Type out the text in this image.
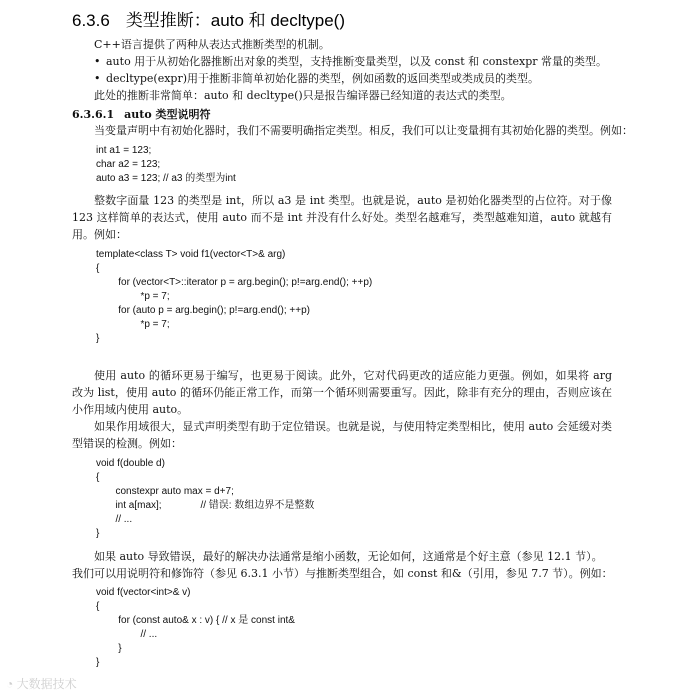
6.3.6 类型推断：auto 和 decltype()
C++语言提供了两种从表达式推断类型的机制。
• auto 用于从初始化器推断出对象的类型，支持推断变量类型，以及 const 和 constexpr 常量的类型。
• decltype(expr)用于推断非简单初始化器的类型，例如函数的返回类型或类成员的类型。
此处的推断非常简单：auto 和 decltype()只是报告编译器已经知道的表达式的类型。
6.3.6.1 auto 类型说明符
当变量声明中有初始化器时，我们不需要明确指定类型。相反，我们可以让变量拥有其初始化器的类型。例如：
int a1 = 123;
char a2 = 123;
auto a3 = 123; // a3 的类型为int
整数字面量 123 的类型是 int，所以 a3 是 int 类型。也就是说，auto 是初始化器类型的占位符。对于像 123 这样简单的表达式，使用 auto 而不是 int 并没有什么好处。类型名越难写，类型越难知道，auto 就越有用。例如：
template<class T> void f1(vector<T>& arg)
{
for (vector<T>::iterator p = arg.begin(); p!=arg.end(); ++p)
*p = 7;
for (auto p = arg.begin(); p!=arg.end(); ++p)
*p = 7;
}
使用 auto 的循环更易于编写，也更易于阅读。此外，它对代码更改的适应能力更强。例如，如果将 arg 改为 list，使用 auto 的循环仍能正常工作，而第一个循环则需要重写。因此，除非有充分的理由，否则应该在小作用域内使用 auto。
如果作用域很大，显式声明类型有助于定位错误。也就是说，与使用特定类型相比，使用 auto 会延缓对类型错误的检测。例如：
void f(double d)
{
constexpr auto max = d+7;
int a[max];              // 错误: 数组边界不是整数
// ...
}
如果 auto 导致错误，最好的解决办法通常是缩小函数，无论如何，这通常是个好主意（参见 12.1 节）。
我们可以用说明符和修饰符（参见 6.3.1 小节）与推断类型组合，如 const 和&（引用，参见 7.7 节）。例如：
void f(vector<int>& v)
{
for (const auto& x : v) { // x 是 const int&
// ...
}
}
◔ 大数据技术
